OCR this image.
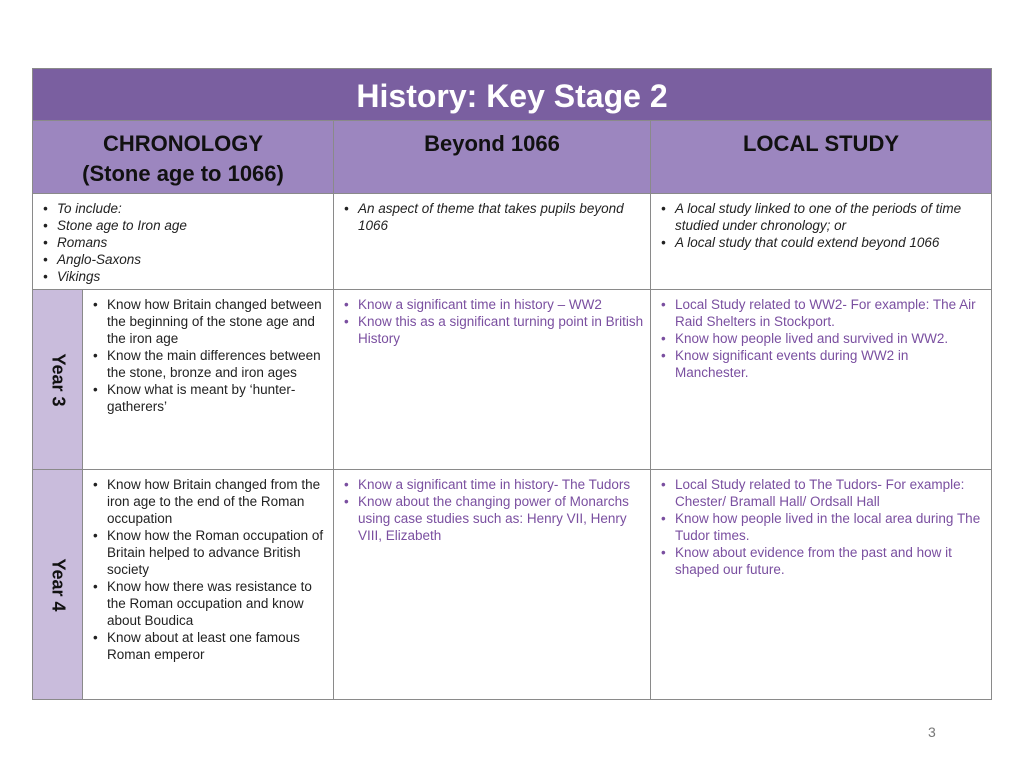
History: Key Stage 2
CHRONOLOGY
(Stone age to 1066)
Beyond 1066	LOCAL STUDY
• To include:
• Stone age to Iron age
• Romans
• Anglo-Saxons
• Vikings
• An aspect of theme that takes pupils beyond 1066
• A local study linked to one of the periods of time studied under chronology; or
• A local study that could extend beyond 1066
Year 3
• Know how Britain changed between the beginning of the stone age and the iron age
• Know the main differences between the stone, bronze and iron ages
• Know what is meant by ‘hunter-gatherers’
• Know a significant time in history – WW2
• Know this as a significant turning point in British History
• Local Study related to WW2- For example: The Air Raid Shelters in Stockport.
• Know how people lived and survived in WW2.
• Know significant events during WW2 in Manchester.
Year 4
• Know how Britain changed from the iron age to the end of the Roman occupation
• Know how the Roman occupation of Britain helped to advance British society
• Know how there was resistance to the Roman occupation and know about Boudica
• Know about at least one famous Roman emperor
• Know a significant time in history- The Tudors
• Know about the changing power of Monarchs using case studies such as: Henry VII, Henry VIII, Elizabeth
• Local Study related to The Tudors- For example: Chester/ Bramall Hall/ Ordsall Hall
• Know how people lived in the local area during The Tudor times.
• Know about evidence from the past and how it shaped our future.
3
